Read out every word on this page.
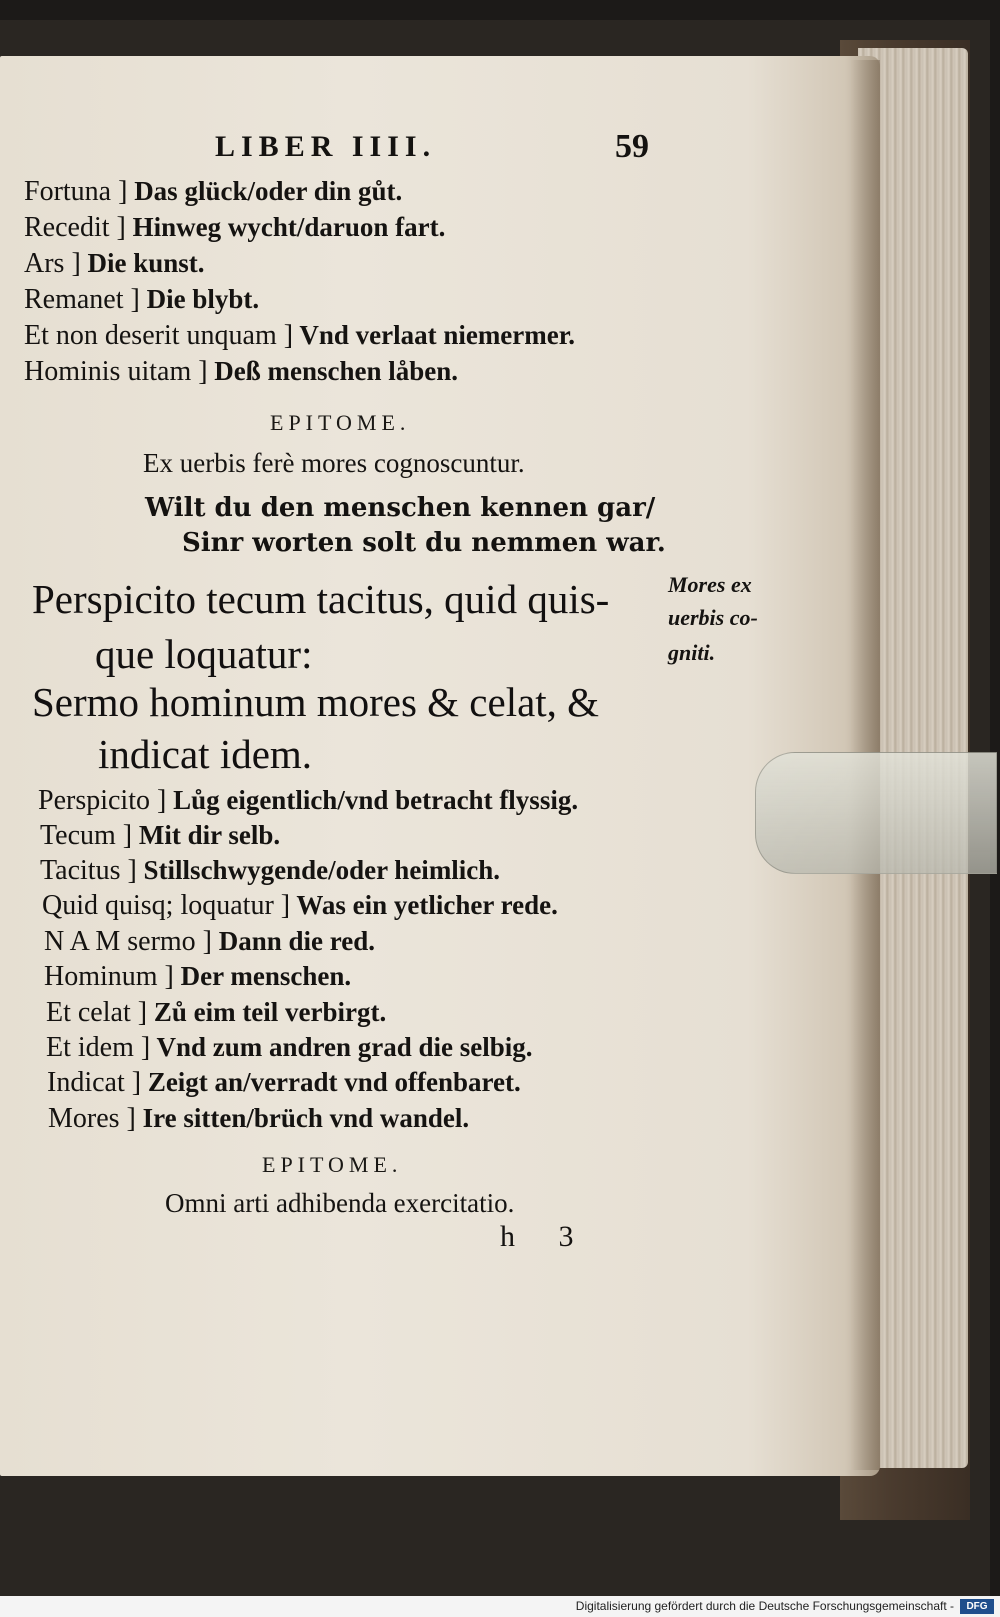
LIBER IIII.	59
Fortuna ] Das glück/oder din gůt.
Recedit ] Hinweg wycht/daruon fart.
Ars ] Die kunst.
Remanet ] Die blybt.
Et non deserit unquam ] Vnd verlaat niemermer.
Hominis uitam ] Deß menschen låben.
EPITOME.
Ex uerbis ferè mores cognoscuntur.
Wilt du den menschen kennen gar/
Sinr worten solt du nemmen war.
Perspicito tecum tacitus, quid quis-
que loquatur:
Sermo hominum mores & celat, &
indicat idem.
Mores ex
uerbis co-
gniti.
Perspicito ] Lůg eigentlich/vnd betracht flyssig.
Tecum ] Mit dir selb.
Tacitus ] Stillschwygende/oder heimlich.
Quid quisq; loquatur ] Was ein yetlicher rede.
N A M sermo ] Dann die red.
Hominum ] Der menschen.
Et celat ] Zů eim teil verbirgt.
Et idem ] Vnd zum andren grad die selbig.
Indicat ] Zeigt an/verradt vnd offenbaret.
Mores ] Ire sitten/brüch vnd wandel.
EPITOME.
Omni arti adhibenda exercitatio.
h 3
Digitalisierung gefördert durch die Deutsche Forschungsgemeinschaft -	DFG
